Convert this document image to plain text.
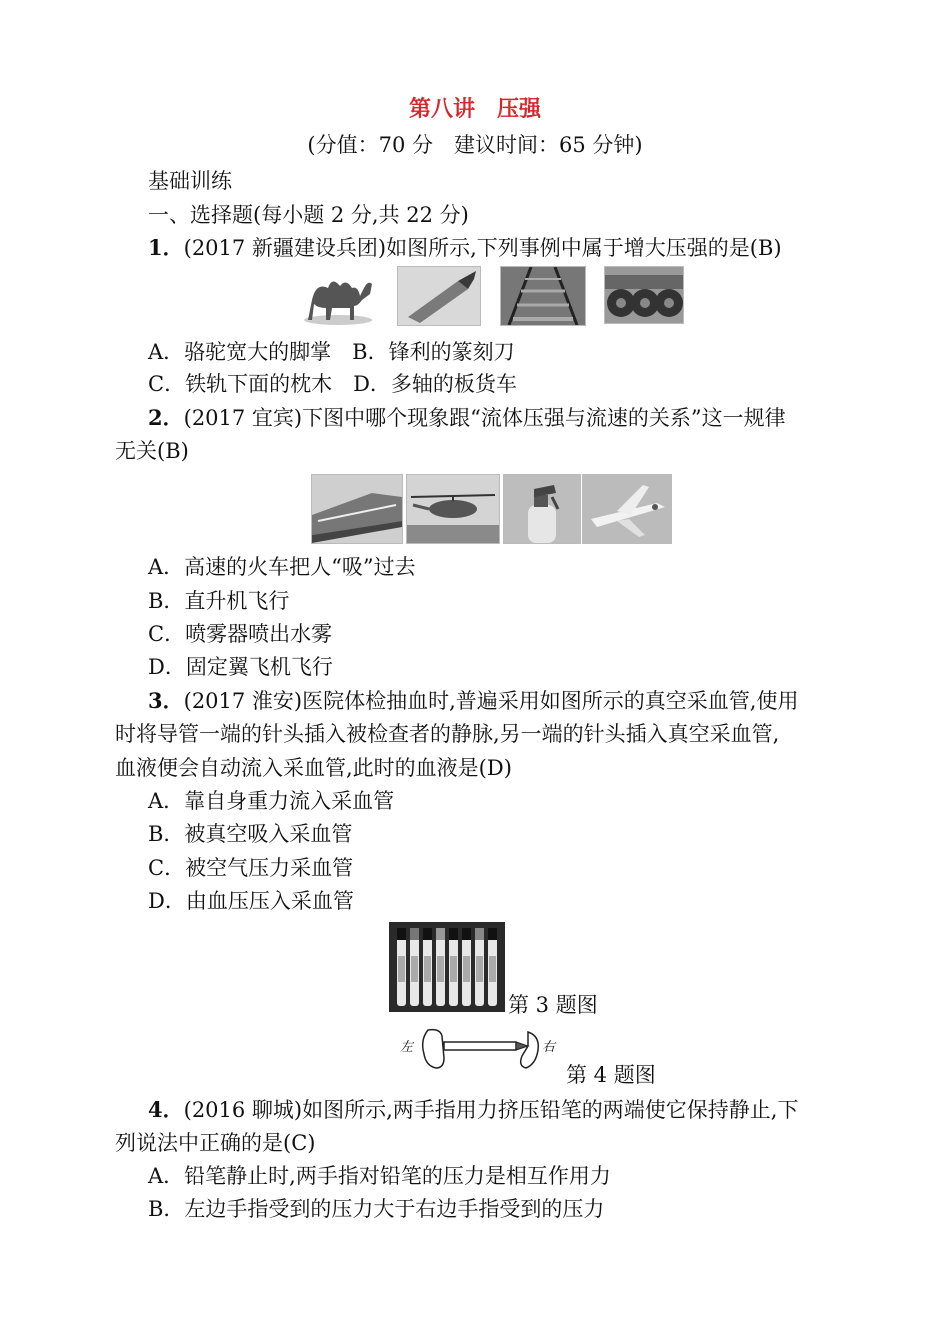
第八讲　压强
(分值：70 分　建议时间：65 分钟)
基础训练
一、选择题(每小题 2 分,共 22 分)
1．(2017 新疆建设兵团)如图所示,下列事例中属于增大压强的是(B)
A．骆驼宽大的脚掌　B．锋利的篆刻刀
C．铁轨下面的枕木　D．多轴的板货车
2．(2017 宜宾)下图中哪个现象跟“流体压强与流速的关系”这一规律
无关(B)
A．高速的火车把人“吸”过去
B．直升机飞行
C．喷雾器喷出水雾
D．固定翼飞机飞行
3．(2017 淮安)医院体检抽血时,普遍采用如图所示的真空采血管,使用
时将导管一端的针头插入被检查者的静脉,另一端的针头插入真空采血管,
血液便会自动流入采血管,此时的血液是(D)
A．靠自身重力流入采血管
B．被真空吸入采血管
C．被空气压力采血管
D．由血压压入采血管
第 3 题图
左	右
第 4 题图
4．(2016 聊城)如图所示,两手指用力挤压铅笔的两端使它保持静止,下
列说法中正确的是(C)
A．铅笔静止时,两手指对铅笔的压力是相互作用力
B．左边手指受到的压力大于右边手指受到的压力
